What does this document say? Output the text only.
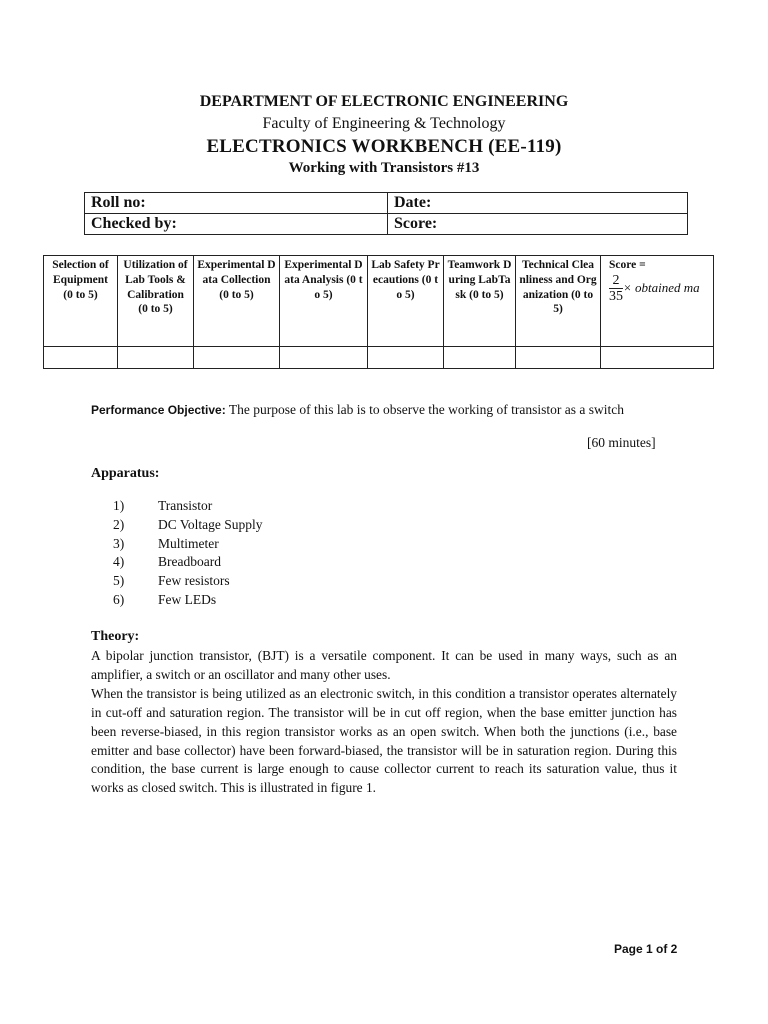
DEPARTMENT OF ELECTRONIC ENGINEERING
Faculty of Engineering & Technology
ELECTRONICS WORKBENCH (EE-119)
Working with Transistors #13
Roll no:	Date:
Checked by:	Score:
Selection of Equipment (0 to 5)	Utilization of Lab Tools & Calibration (0 to 5)	Experimental Data Collection (0 to 5)	Experimental Data Analysis (0 to 5)	Lab Safety Precautions (0 to 5)	Teamwork During LabTask (0 to 5)	Technical Cleanliness and Organization (0 to 5)	Score =

$\frac{2}{35}$ × obtained ma

Performance Objective: The purpose of this lab is to observe the working of transistor as a switch
[60 minutes]
Apparatus:
1)	Transistor
2)	DC Voltage Supply
3)	Multimeter
4)	Breadboard
5)	Few resistors
6)	Few LEDs
Theory:

A bipolar junction transistor, (BJT) is a versatile component. It can be used in many ways, such as an amplifier, a switch or an oscillator and many other uses.

When the transistor is being utilized as an electronic switch, in this condition a transistor operates alternately in cut-off and saturation region. The transistor will be in cut off region, when the base emitter junction has been reverse-biased, in this region transistor works as an open switch. When both the junctions (i.e., base emitter and base collector) have been forward-biased, the transistor will be in saturation region. During this condition, the base current is large enough to cause collector current to reach its saturation value, thus it works as closed switch. This is illustrated in figure 1.

Page 1 of 2
